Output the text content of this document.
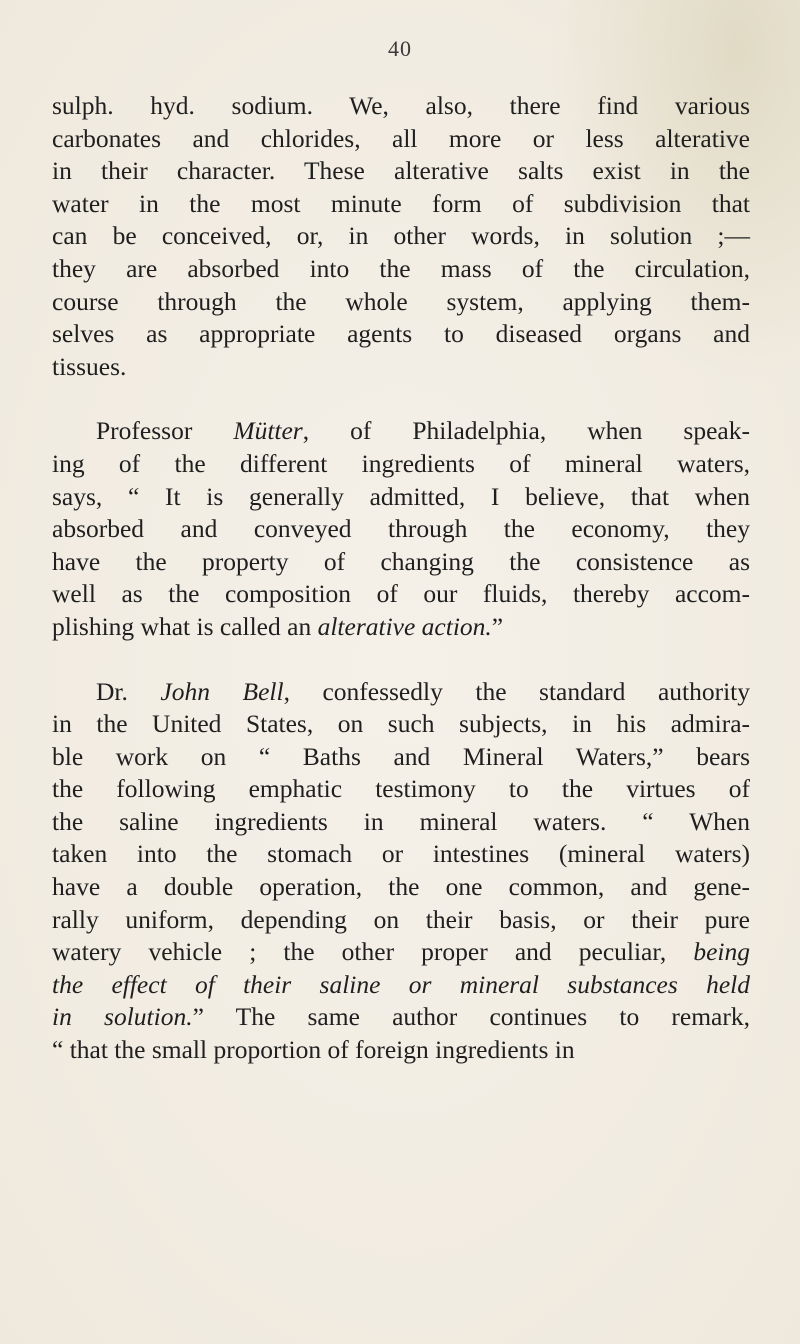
40
sulph. hyd. sodium. We, also, there find various
carbonates and chlorides, all more or less alterative
in their character. These alterative salts exist in the
water in the most minute form of subdivision that
can be conceived, or, in other words, in solution ;—
they are absorbed into the mass of the circulation,
course through the whole system, applying them-
selves as appropriate agents to diseased organs and
tissues.
Professor Mütter, of Philadelphia, when speak-
ing of the different ingredients of mineral waters,
says, “ It is generally admitted, I believe, that when
absorbed and conveyed through the economy, they
have the property of changing the consistence as
well as the composition of our fluids, thereby accom-
plishing what is called an alterative action.”
Dr. John Bell, confessedly the standard authority
in the United States, on such subjects, in his admira-
ble work on “ Baths and Mineral Waters,” bears
the following emphatic testimony to the virtues of
the saline ingredients in mineral waters. “ When
taken into the stomach or intestines (mineral waters)
have a double operation, the one common, and gene-
rally uniform, depending on their basis, or their pure
watery vehicle ; the other proper and peculiar, being
the effect of their saline or mineral substances held
in solution.” The same author continues to remark,
“ that the small proportion of foreign ingredients in
